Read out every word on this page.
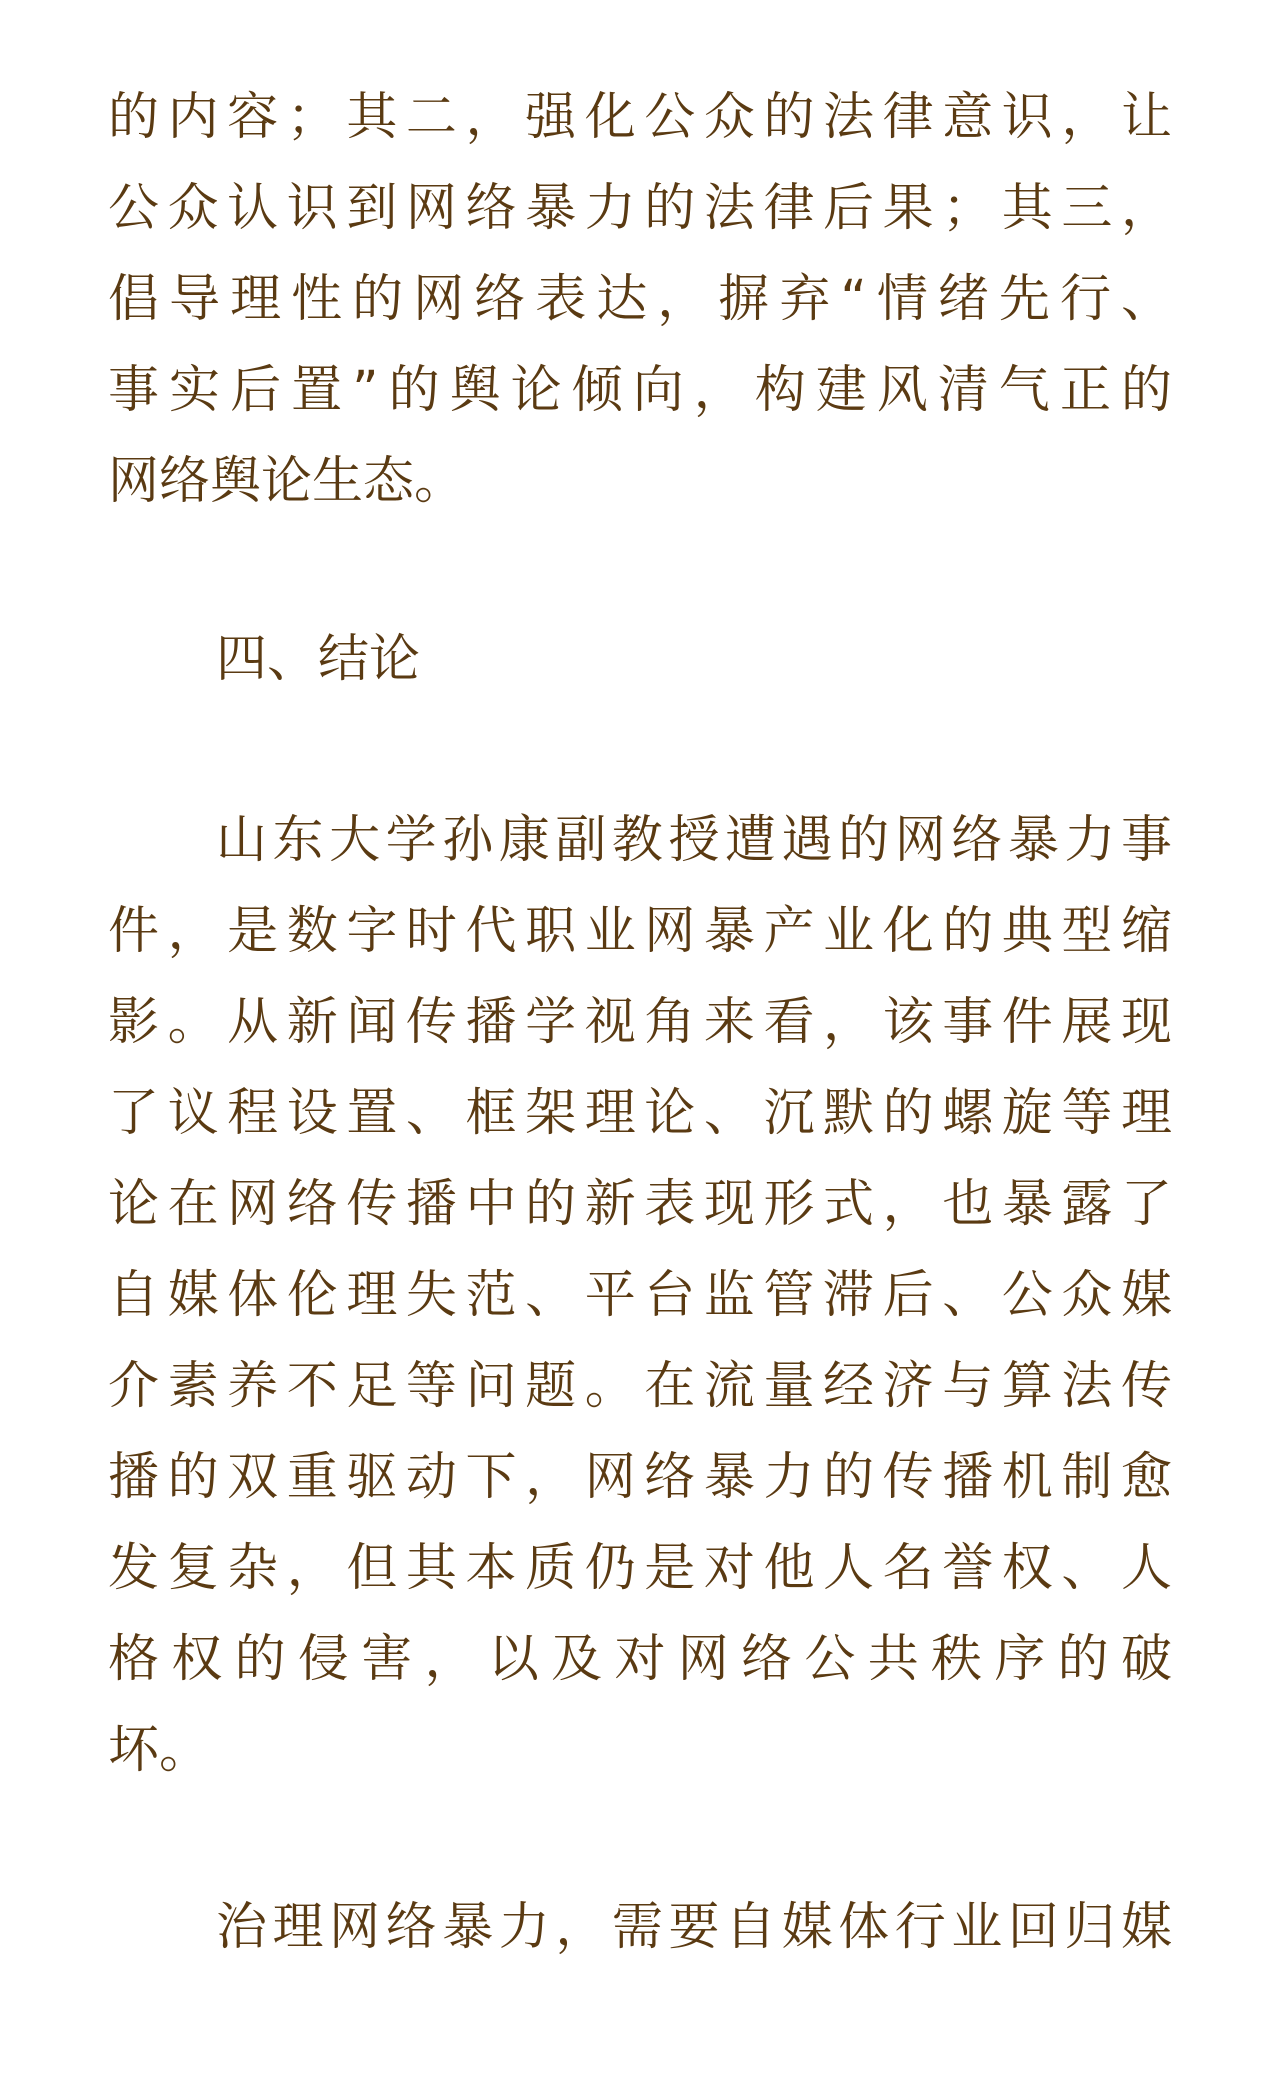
的内容；其二，强化公众的法律意识，让
公众认识到网络暴力的法律后果；其三，
倡导理性的网络表达，摒弃“情绪先行、
事实后置”的舆论倾向，构建风清气正的
网络舆论生态。

四、结论

山东大学孙康副教授遭遇的网络暴力事
件，是数字时代职业网暴产业化的典型缩
影。从新闻传播学视角来看，该事件展现
了议程设置、框架理论、沉默的螺旋等理
论在网络传播中的新表现形式，也暴露了
自媒体伦理失范、平台监管滞后、公众媒
介素养不足等问题。在流量经济与算法传
播的双重驱动下，网络暴力的传播机制愈
发复杂，但其本质仍是对他人名誉权、人
格权的侵害，以及对网络公共秩序的破
坏。

治理网络暴力，需要自媒体行业回归媒
